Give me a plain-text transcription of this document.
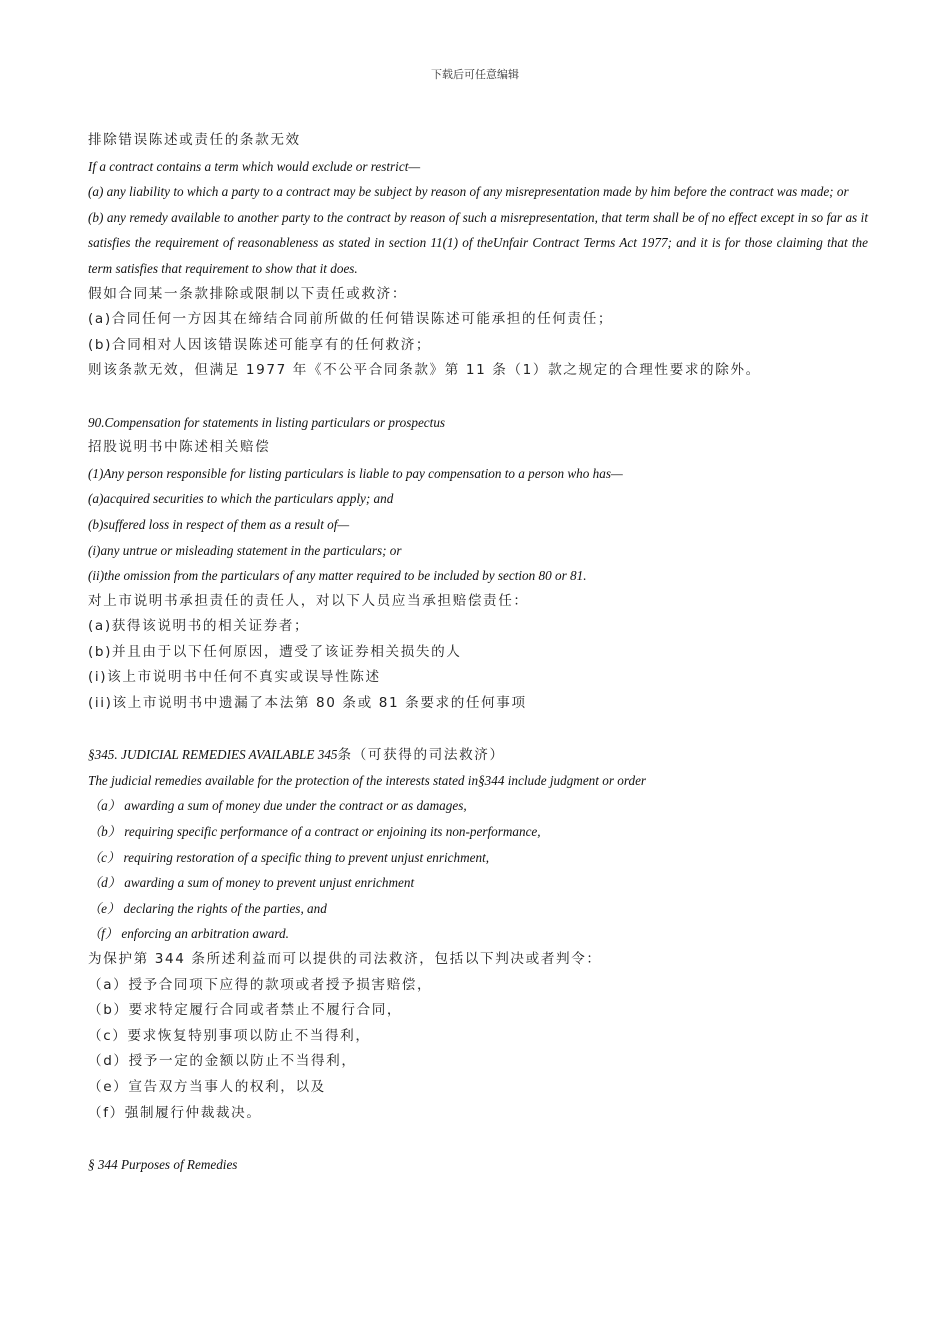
下载后可任意编辑
排除错误陈述或责任的条款无效
If a contract contains a term which would exclude or restrict—
(a) any liability to which a party to a contract may be subject by reason of any misrepresentation made by him before the contract was made; or
(b) any remedy available to another party to the contract by reason of such a misrepresentation, that term shall be of no effect except in so far as it satisfies the requirement of reasonableness as stated in section 11(1) of theUnfair Contract Terms Act 1977; and it is for those claiming that the term satisfies that requirement to show that it does.
假如合同某一条款排除或限制以下责任或救济：
(a)合同任何一方因其在缔结合同前所做的任何错误陈述可能承担的任何责任；
(b)合同相对人因该错误陈述可能享有的任何救济；
则该条款无效，但满足 1977 年《不公平合同条款》第 11 条（1）款之规定的合理性要求的除外。
90.Compensation for statements in listing particulars or prospectus
招股说明书中陈述相关赔偿
(1)Any person responsible for listing particulars is liable to pay compensation to a person who has—
(a)acquired securities to which the particulars apply; and
(b)suffered loss in respect of them as a result of—
(i)any untrue or misleading statement in the particulars; or
(ii)the omission from the particulars of any matter required to be included by section 80 or 81.
对上市说明书承担责任的责任人，对以下人员应当承担赔偿责任：
(a)获得该说明书的相关证券者；
(b)并且由于以下任何原因，遭受了该证券相关损失的人
(i)该上市说明书中任何不真实或误导性陈述
(ii)该上市说明书中遗漏了本法第 80 条或 81 条要求的任何事项
§345. JUDICIAL REMEDIES AVAILABLE 345条（可获得的司法救济）
The judicial remedies available for the protection of the interests stated in§344 include judgment or order
（a） awarding a sum of money due under the contract or as damages,
（b） requiring specific performance of a contract or enjoining its non-performance,
（c） requiring restoration of a specific thing to prevent unjust enrichment,
（d） awarding a sum of money to prevent unjust enrichment
（e） declaring the rights of the parties, and
（f） enforcing an arbitration award.
为保护第 344 条所述利益而可以提供的司法救济，包括以下判决或者判令：
（a）授予合同项下应得的款项或者授予损害赔偿，
（b）要求特定履行合同或者禁止不履行合同，
（c）要求恢复特别事项以防止不当得利，
（d）授予一定的金额以防止不当得利，
（e）宣告双方当事人的权利，以及
（f）强制履行仲裁裁决。
§ 344 Purposes of Remedies
